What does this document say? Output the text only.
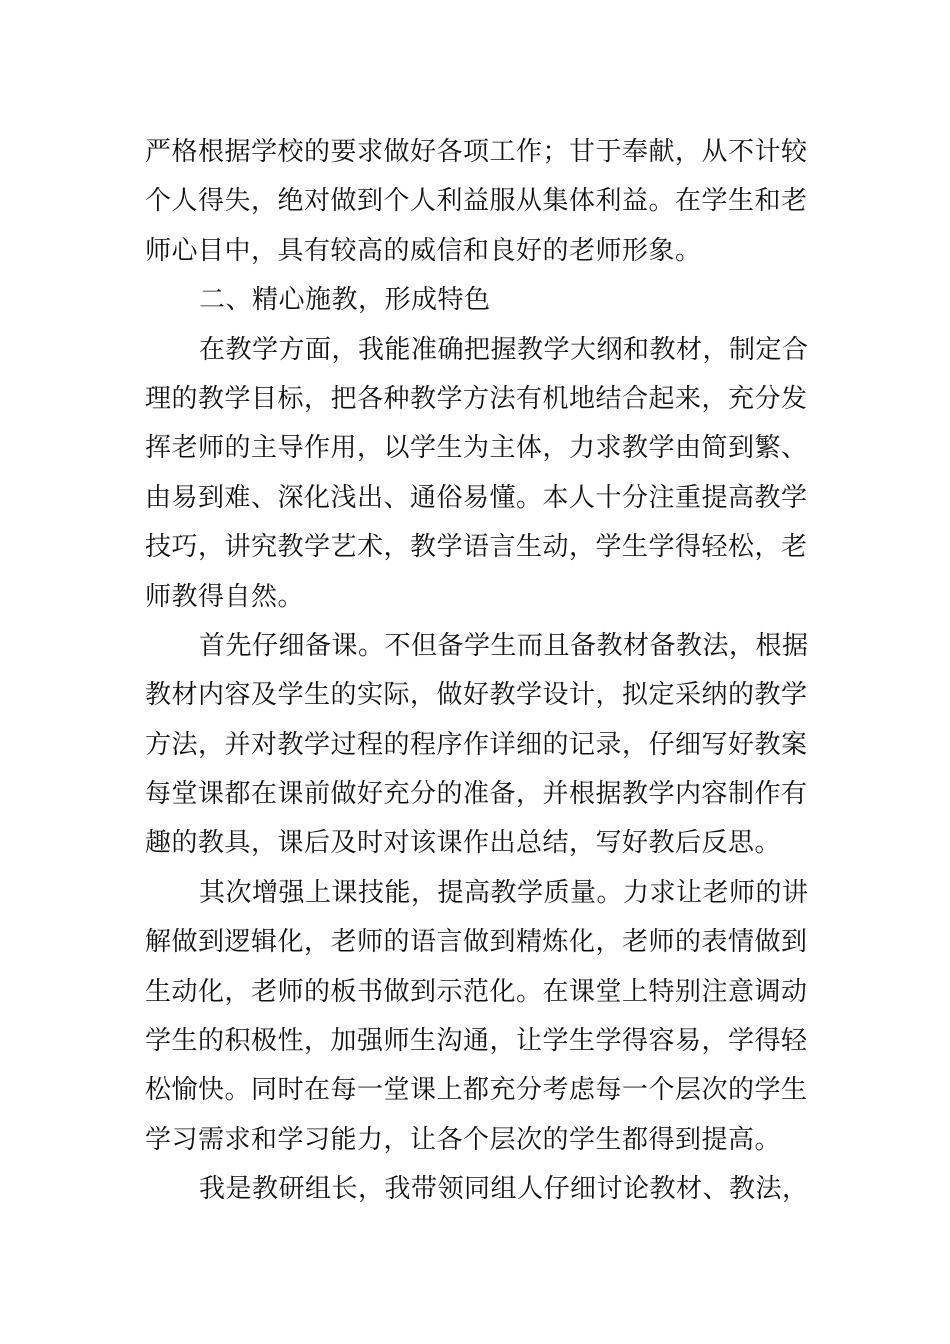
严格根据学校的要求做好各项工作；甘于奉献，从不计较
个人得失，绝对做到个人利益服从集体利益。在学生和老
师心目中，具有较高的威信和良好的老师形象。
二、精心施教，形成特色
在教学方面，我能准确把握教学大纲和教材，制定合
理的教学目标，把各种教学方法有机地结合起来，充分发
挥老师的主导作用，以学生为主体，力求教学由简到繁、
由易到难、深化浅出、通俗易懂。本人十分注重提高教学
技巧，讲究教学艺术，教学语言生动，学生学得轻松，老
师教得自然。
首先仔细备课。不但备学生而且备教材备教法，根据
教材内容及学生的实际，做好教学设计，拟定采纳的教学
方法，并对教学过程的程序作详细的记录，仔细写好教案
每堂课都在课前做好充分的准备，并根据教学内容制作有
趣的教具，课后及时对该课作出总结，写好教后反思。
其次增强上课技能，提高教学质量。力求让老师的讲
解做到逻辑化，老师的语言做到精炼化，老师的表情做到
生动化，老师的板书做到示范化。在课堂上特别注意调动
学生的积极性，加强师生沟通，让学生学得容易，学得轻
松愉快。同时在每一堂课上都充分考虑每一个层次的学生
学习需求和学习能力，让各个层次的学生都得到提高。
我是教研组长，我带领同组人仔细讨论教材、教法，
